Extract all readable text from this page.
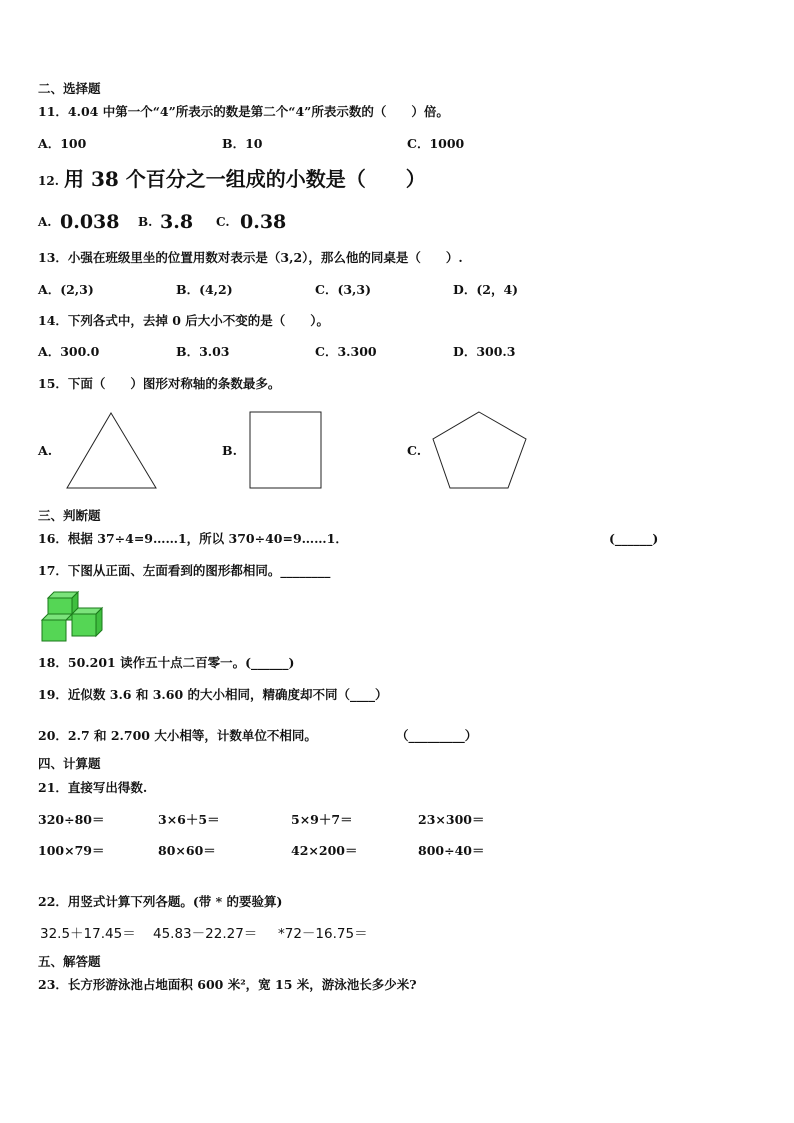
二、选择题
11．4.04 中第一个“4”所表示的数是第二个“4”所表示数的（　　）倍。
A．100	B．10	C．1000
12. 用 38 个百分之一组成的小数是（　　）
A. 0.038 B. 3.8 C. 0.38
13．小强在班级里坐的位置用数对表示是（3,2），那么他的同桌是（　　）.
A．(2,3)	B．(4,2)	C．(3,3)	D．(2，4)
14．下列各式中，去掉 0 后大小不变的是（　　）。
A．300.0	B．3.03	C．3.300	D．300.3
15．下面（　　）图形对称轴的条数最多。
A.	B.	C.
三、判断题
16．根据 37÷4=9……1，所以 370÷40=9……1．	(______)
17．下图从正面、左面看到的图形都相同。________
18．50.201 读作五十点二百零一。(______)
19．近似数 3.6 和 3.60 的大小相同，精确度却不同（____）
20．2.7 和 2.700 大小相等，计数单位不相同。	（_________）
四、计算题
21．直接写出得数.
320÷80＝	3×6＋5＝	5×9＋7＝	23×300＝
100×79＝	80×60＝	42×200＝	800÷40＝
22．用竖式计算下列各题。(带 * 的要验算)
32.5＋17.45＝ 45.83－22.27＝ *72－16.75＝
五、解答题
23．长方形游泳池占地面积 600 米²，宽 15 米，游泳池长多少米?
